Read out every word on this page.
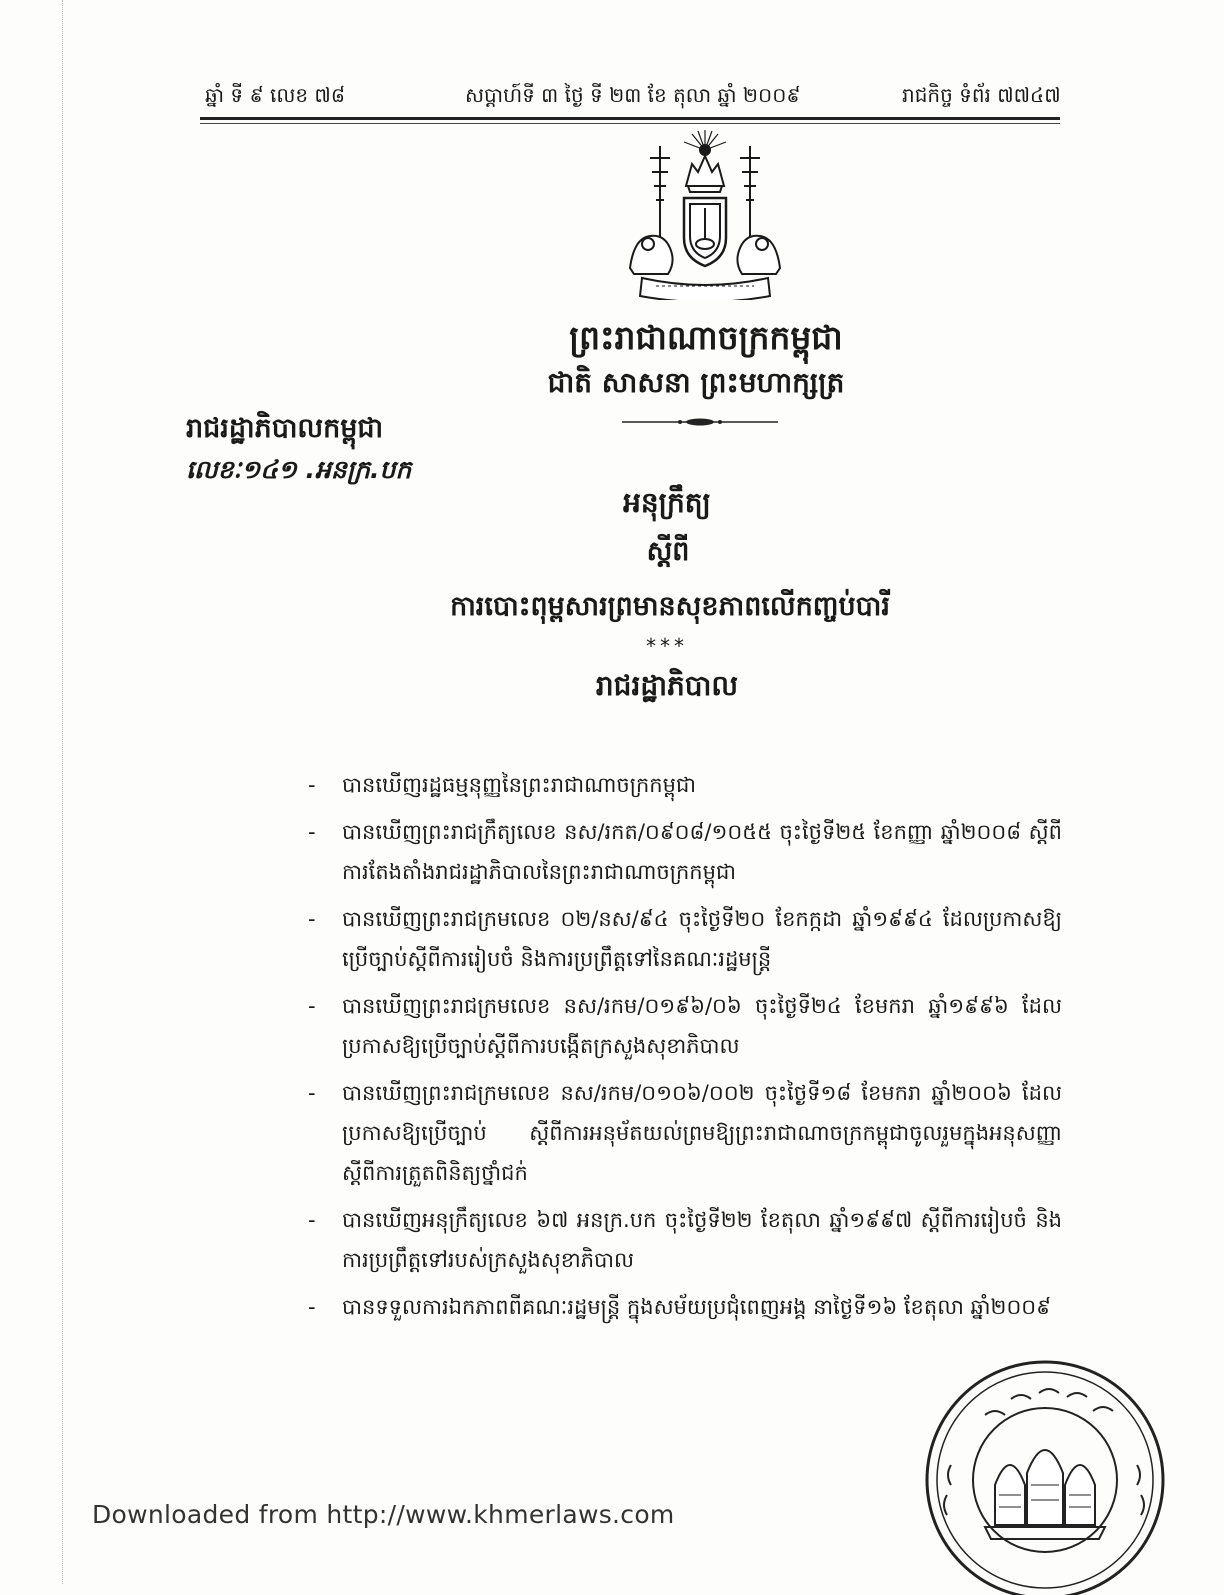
ឆ្នាំ ទី ៩ លេខ ៧៨	សប្តាហ៍ទី ៣ ថ្ងៃ ទី ២៣ ខែ តុលា ឆ្នាំ ២០០៩	រាជកិច្ច ទំព័រ ៧៧៤៧
ព្រះរាជាណាចក្រកម្ពុជា
ជាតិ សាសនា ព្រះមហាក្សត្រ
រាជរដ្ឋាភិបាលកម្ពុជា
លេខៈ១៤១ .អនក្រ.បក
អនុក្រឹត្យ
ស្តីពី
ការបោះពុម្ពសារព្រមានសុខភាពលើកញ្ចប់បារី
***
រាជរដ្ឋាភិបាល
- បានឃើញរដ្ឋធម្មនុញ្ញនៃព្រះរាជាណាចក្រកម្ពុជា
- បានឃើញព្រះរាជក្រឹត្យលេខ នស/រកត/០៩០៨/១០៥៥ ចុះថ្ងៃទី២៥ ខែកញ្ញា ឆ្នាំ២០០៨ ស្តីពីការតែងតាំងរាជរដ្ឋាភិបាលនៃព្រះរាជាណាចក្រកម្ពុជា
- បានឃើញព្រះរាជក្រមលេខ ០២/នស/៩៤ ចុះថ្ងៃទី២០ ខែកក្កដា ឆ្នាំ១៩៩៤ ដែលប្រកាសឱ្យប្រើច្បាប់ស្តីពីការរៀបចំ និងការប្រព្រឹត្តទៅនៃគណៈរដ្ឋមន្ត្រី
- បានឃើញព្រះរាជក្រមលេខ នស/រកម/០១៩៦/០៦ ចុះថ្ងៃទី២៤ ខែមករា ឆ្នាំ១៩៩៦ ដែលប្រកាសឱ្យប្រើច្បាប់ស្តីពីការបង្កើតក្រសួងសុខាភិបាល
- បានឃើញព្រះរាជក្រមលេខ នស/រកម/០១០៦/០០២ ចុះថ្ងៃទី១៨ ខែមករា ឆ្នាំ២០០៦ ដែលប្រកាសឱ្យប្រើច្បាប់ ស្តីពីការអនុម័តយល់ព្រមឱ្យព្រះរាជាណាចក្រកម្ពុជាចូលរួមក្នុងអនុសញ្ញា ស្តីពីការត្រួតពិនិត្យថ្នាំជក់
- បានឃើញអនុក្រឹត្យលេខ ៦៧ អនក្រ.បក ចុះថ្ងៃទី២២ ខែតុលា ឆ្នាំ១៩៩៧ ស្តីពីការរៀបចំ និងការប្រព្រឹត្តទៅរបស់ក្រសួងសុខាភិបាល
- បានទទួលការឯកភាពពីគណៈរដ្ឋមន្ត្រី ក្នុងសម័យប្រជុំពេញអង្គ នាថ្ងៃទី១៦ ខែតុលា ឆ្នាំ២០០៩
Downloaded from http://www.khmerlaws.com
